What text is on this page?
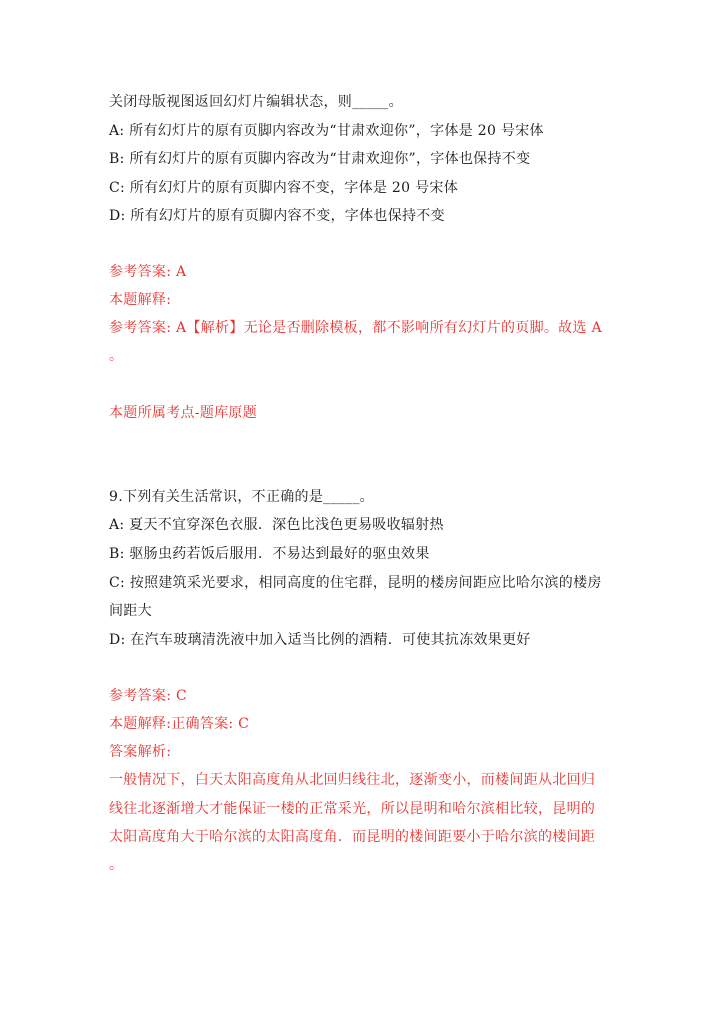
关闭母版视图返回幻灯片编辑状态，则_____。
A: 所有幻灯片的原有页脚内容改为“甘肃欢迎你”，字体是 20 号宋体
B: 所有幻灯片的原有页脚内容改为“甘肃欢迎你”，字体也保持不变
C: 所有幻灯片的原有页脚内容不变，字体是 20 号宋体
D: 所有幻灯片的原有页脚内容不变，字体也保持不变
参考答案: A
本题解释:
参考答案: A【解析】无论是否删除模板，都不影响所有幻灯片的页脚。故选 A
。
本题所属考点-题库原题
9.下列有关生活常识，不正确的是_____。
A: 夏天不宜穿深色衣服．深色比浅色更易吸收辐射热
B: 驱肠虫药若饭后服用．不易达到最好的驱虫效果
C: 按照建筑采光要求，相同高度的住宅群，昆明的楼房间距应比哈尔滨的楼房
间距大
D: 在汽车玻璃清洗液中加入适当比例的酒精．可使其抗冻效果更好
参考答案: C
本题解释:正确答案: C
答案解析:
一般情况下，白天太阳高度角从北回归线往北，逐渐变小，而楼间距从北回归
线往北逐渐增大才能保证一楼的正常采光，所以昆明和哈尔滨相比较，昆明的
太阳高度角大于哈尔滨的太阳高度角．而昆明的楼间距要小于哈尔滨的楼间距
。
